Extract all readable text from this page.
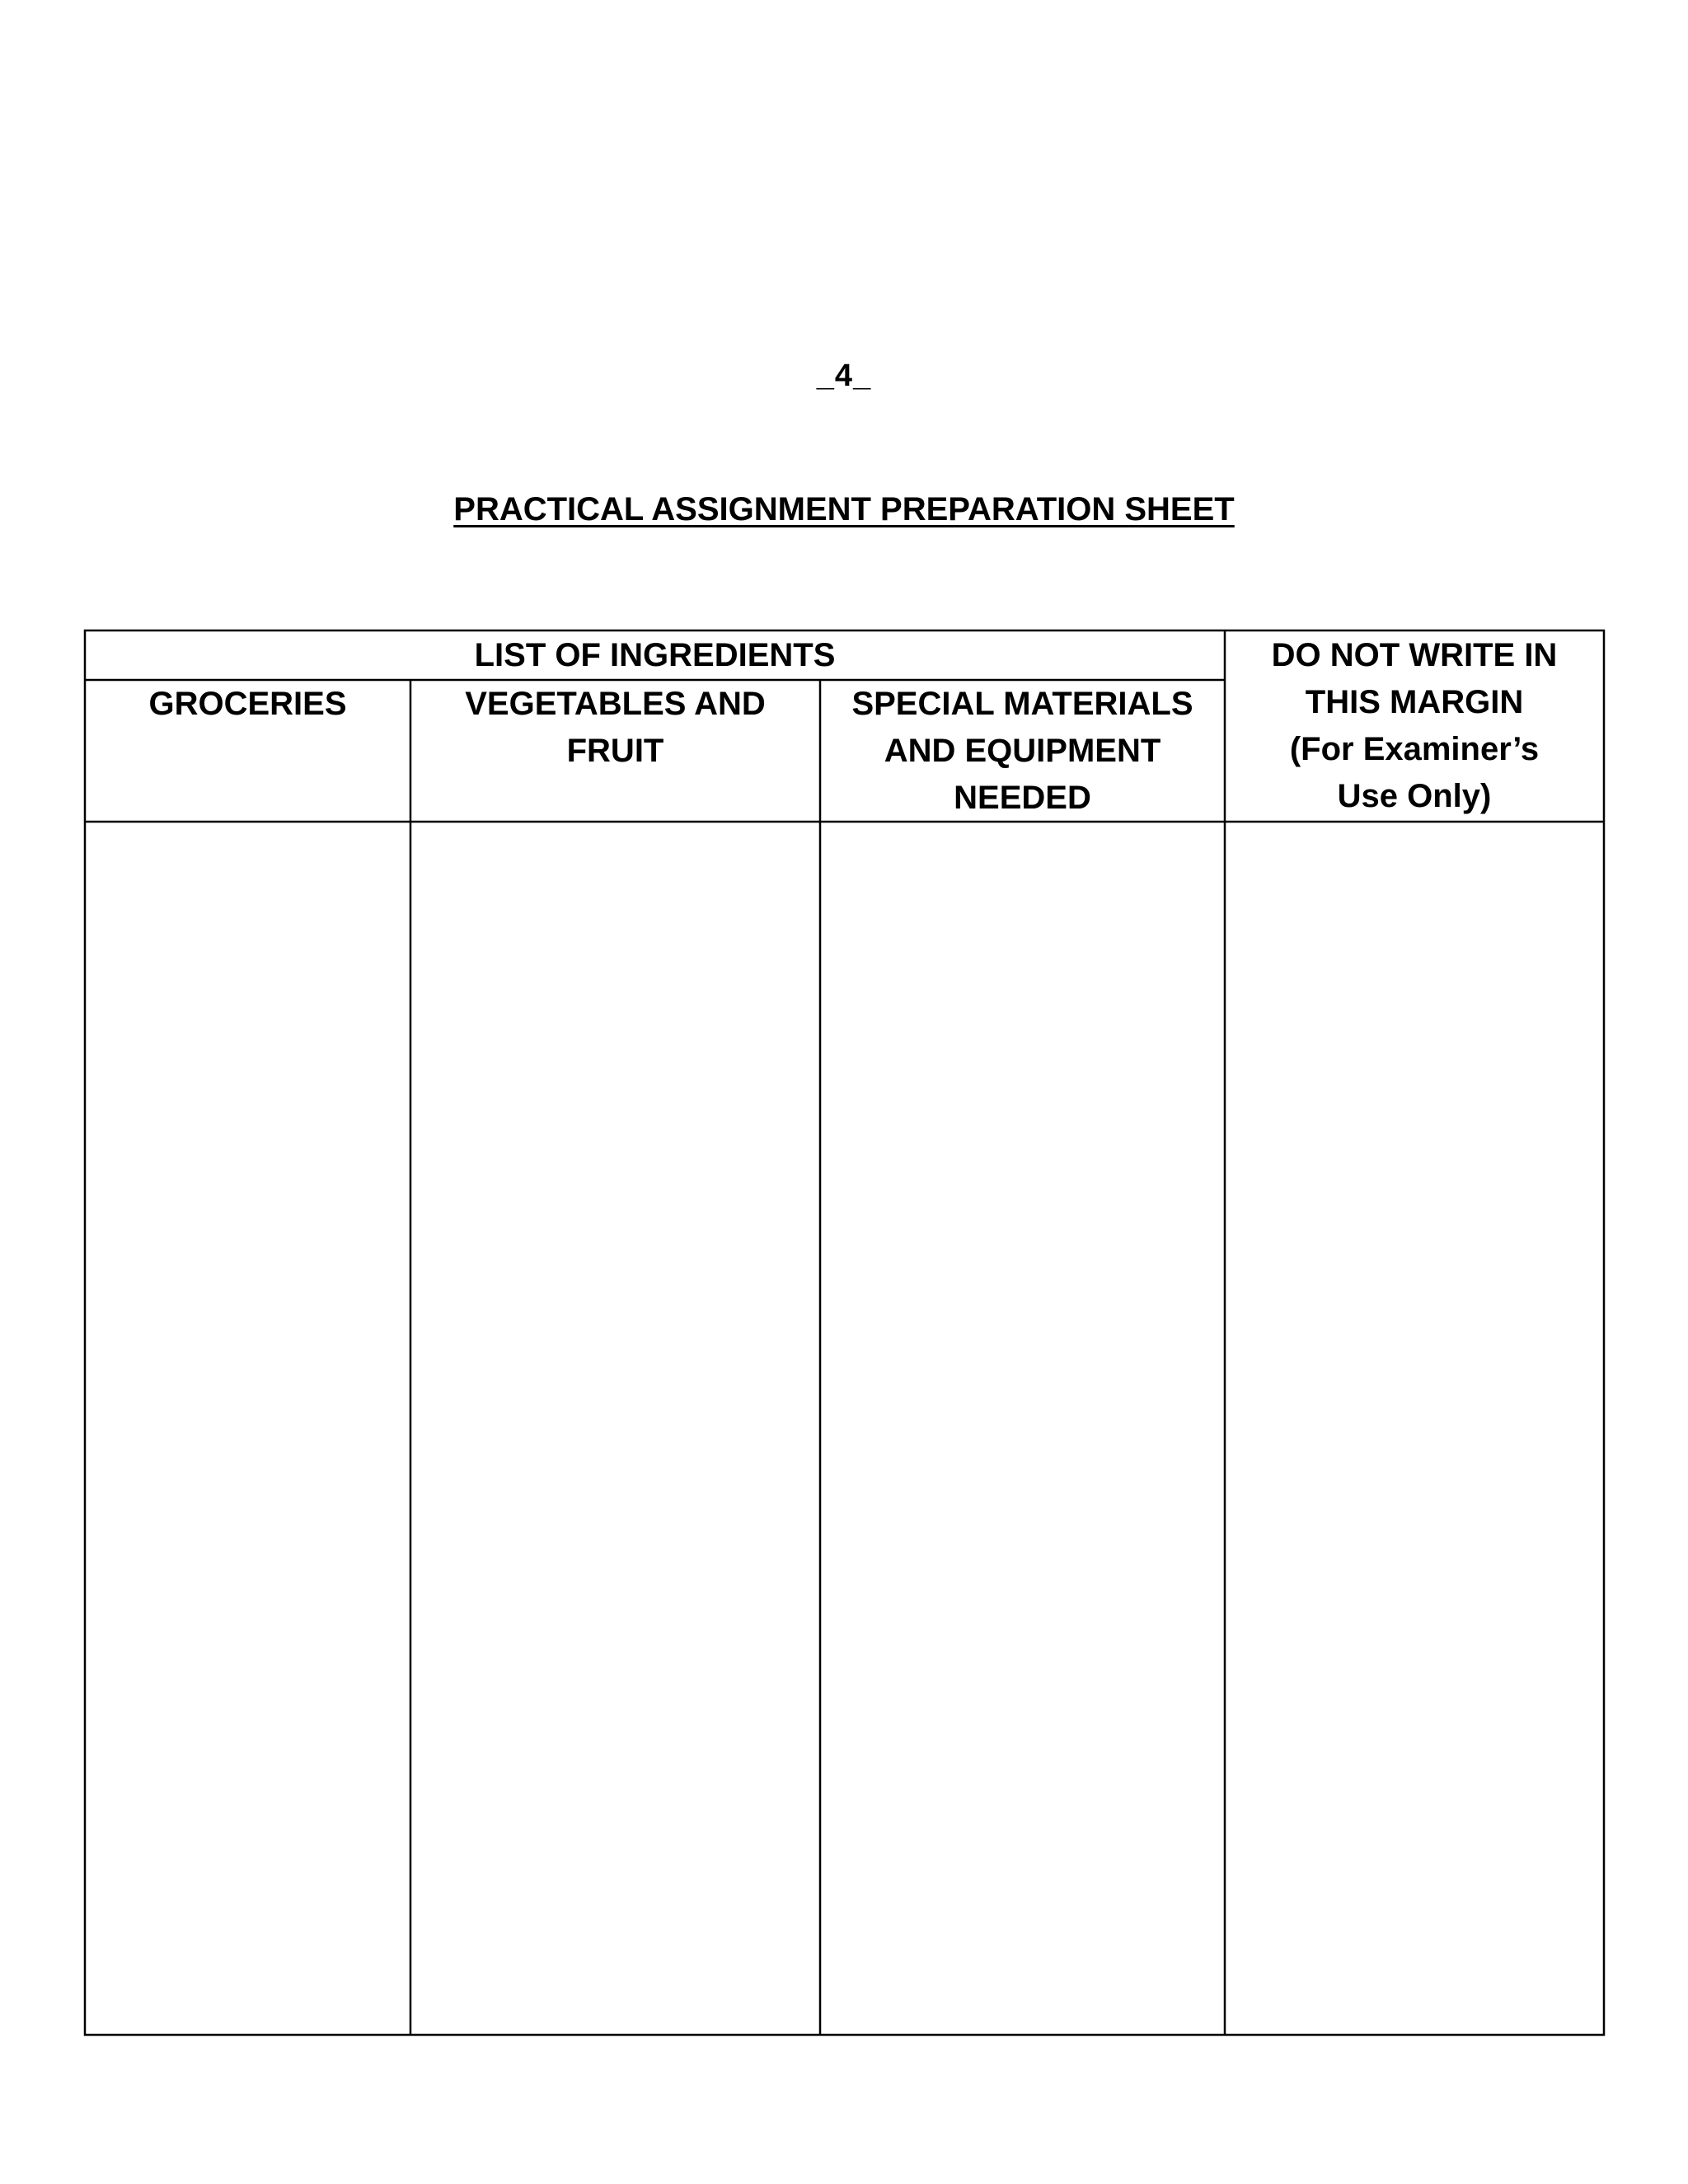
_4_
PRACTICAL ASSIGNMENT PREPARATION SHEET
LIST OF INGREDIENTS	DO NOT WRITE IN
THIS MARGIN
(For Examiner’s
Use Only)
GROCERIES	VEGETABLES AND
FRUIT
SPECIAL MATERIALS
AND EQUIPMENT
NEEDED
